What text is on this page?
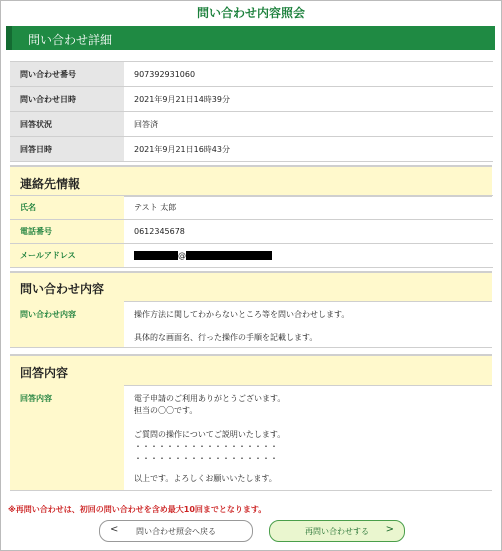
問い合わせ内容照会
問い合わせ詳細
問い合わせ番号	907392931060
問い合わせ日時	2021年9月21日14時39分
回答状況	回答済
回答日時	2021年9月21日16時43分
連絡先情報
氏名	テスト 太郎
電話番号	0612345678
メールアドレス	@
問い合わせ内容
問い合わせ内容	操作方法に関してわからないところ等を問い合わせします。
具体的な画面名、行った操作の手順を記載します。
回答内容
回答内容	電子申請のご利用ありがとうございます。
担当の〇〇です。
ご質問の操作についてご説明いたします。
・・・・・・・・・・・・・・・・・・
・・・・・・・・・・・・・・・・・・
以上です。よろしくお願いいたします。
※再問い合わせは、初回の問い合わせを含め最大10回までとなります。
<	問い合わせ照会へ戻る	再問い合わせする	>
